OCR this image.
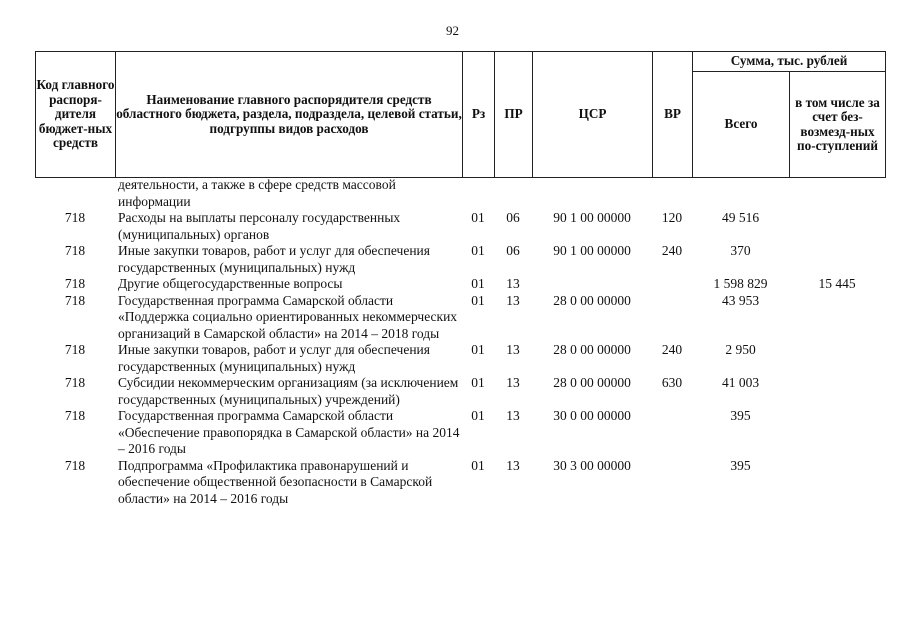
92
Код главного распоря-дителя бюджет-ных средств	Наименование главного распорядителя средств областного бюджета, раздела, подраздела, целевой статьи, подгруппы видов расходов	Рз	ПР	ЦСР	ВР	Сумма, тыс. рублей	
						Всего	в том числе за счет без-возмезд-ных по-ступлений
	деятельности, а также в сфере средств массовой информации						
718	Расходы на выплаты персоналу государственных (муниципальных) органов	01	06	90 1 00 00000	120	49 516	
718	Иные закупки товаров, работ и услуг для обеспечения государственных (муниципальных) нужд	01	06	90 1 00 00000	240	370	
718	Другие общегосударственные вопросы	01	13			1 598 829	15 445
718	Государственная программа Самарской области «Поддержка социально ориентированных некоммерческих организаций в Самарской области» на 2014 – 2018 годы	01	13	28 0 00 00000		43 953	
718	Иные закупки товаров, работ и услуг для обеспечения государственных (муниципальных) нужд	01	13	28 0 00 00000	240	2 950	
718	Субсидии некоммерческим организациям (за исключением государственных (муниципальных) учреждений)	01	13	28 0 00 00000	630	41 003	
718	Государственная программа Самарской области «Обеспечение правопорядка в Самарской области» на 2014 – 2016 годы	01	13	30 0 00 00000		395	
718	Подпрограмма «Профилактика правонарушений и обеспечение общественной безопасности в Самарской области» на 2014 – 2016 годы	01	13	30 3 00 00000		395	
